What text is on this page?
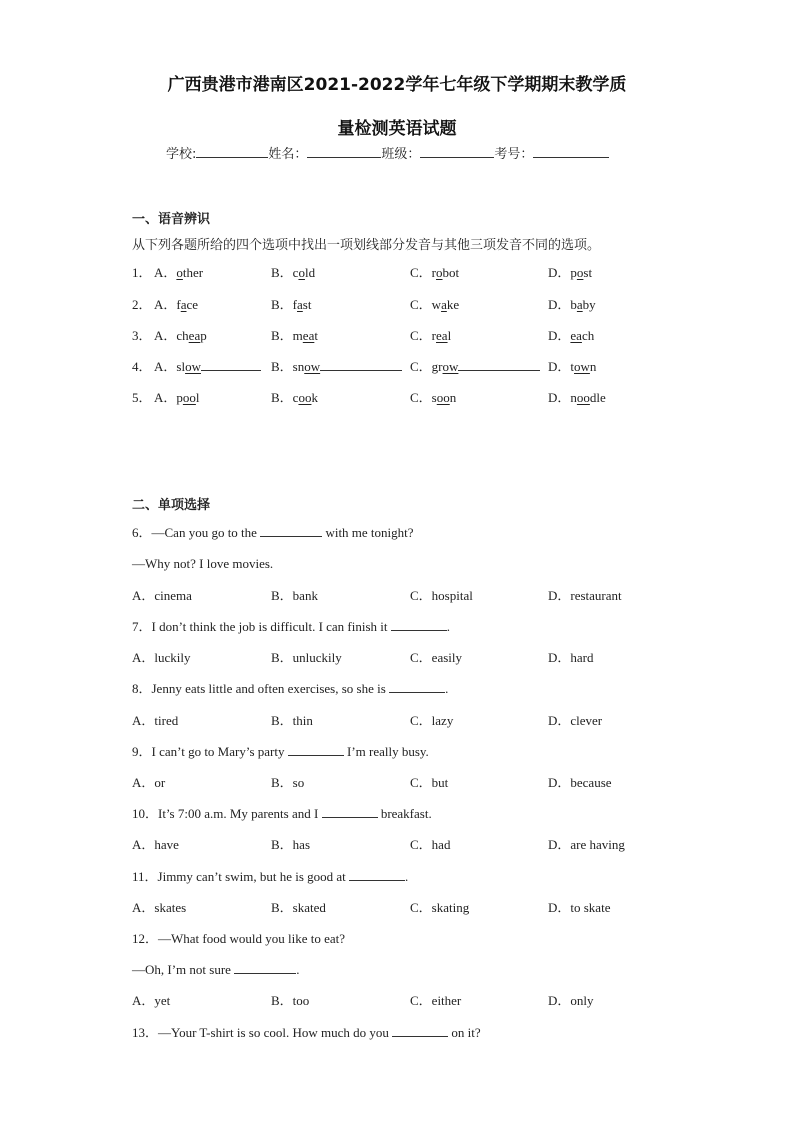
广西贵港市港南区2021-2022学年七年级下学期期末教学质
量检测英语试题
学校:	姓名：	班级：	考号：
一、语音辨识
从下列各题所给的四个选项中找出一项划线部分发音与其他三项发音不同的选项。
1． A．other	B．cold	C．robot	D．post
2． A．face	B．fast	C．wake	D．baby
3． A．cheap	B．meat	C．real	D．each
4． A．slow	B．snow	C．grow	D．town
5． A．pool	B．cook	C．soon	D．noodle
二、单项选择
6．—Can you go to the	with me tonight?
—Why not? I love movies.
A．cinema	B．bank	C．hospital	D．restaurant
7．I don’t think the job is difficult. I can finish it	.
A．luckily	B．unluckily	C．easily	D．hard
8．Jenny eats little and often exercises, so she is	.
A．tired	B．thin	C．lazy	D．clever
9．I can’t go to Mary’s party	I’m really busy.
A．or	B．so	C．but	D．because
10．It’s 7:00 a.m. My parents and I	breakfast.
A．have	B．has	C．had	D．are having
11．Jimmy can’t swim, but he is good at	.
A．skates	B．skated	C．skating	D．to skate
12．—What food would you like to eat?
—Oh, I’m not sure	.
A．yet	B．too	C．either	D．only
13．—Your T-shirt is so cool. How much do you	on it?
